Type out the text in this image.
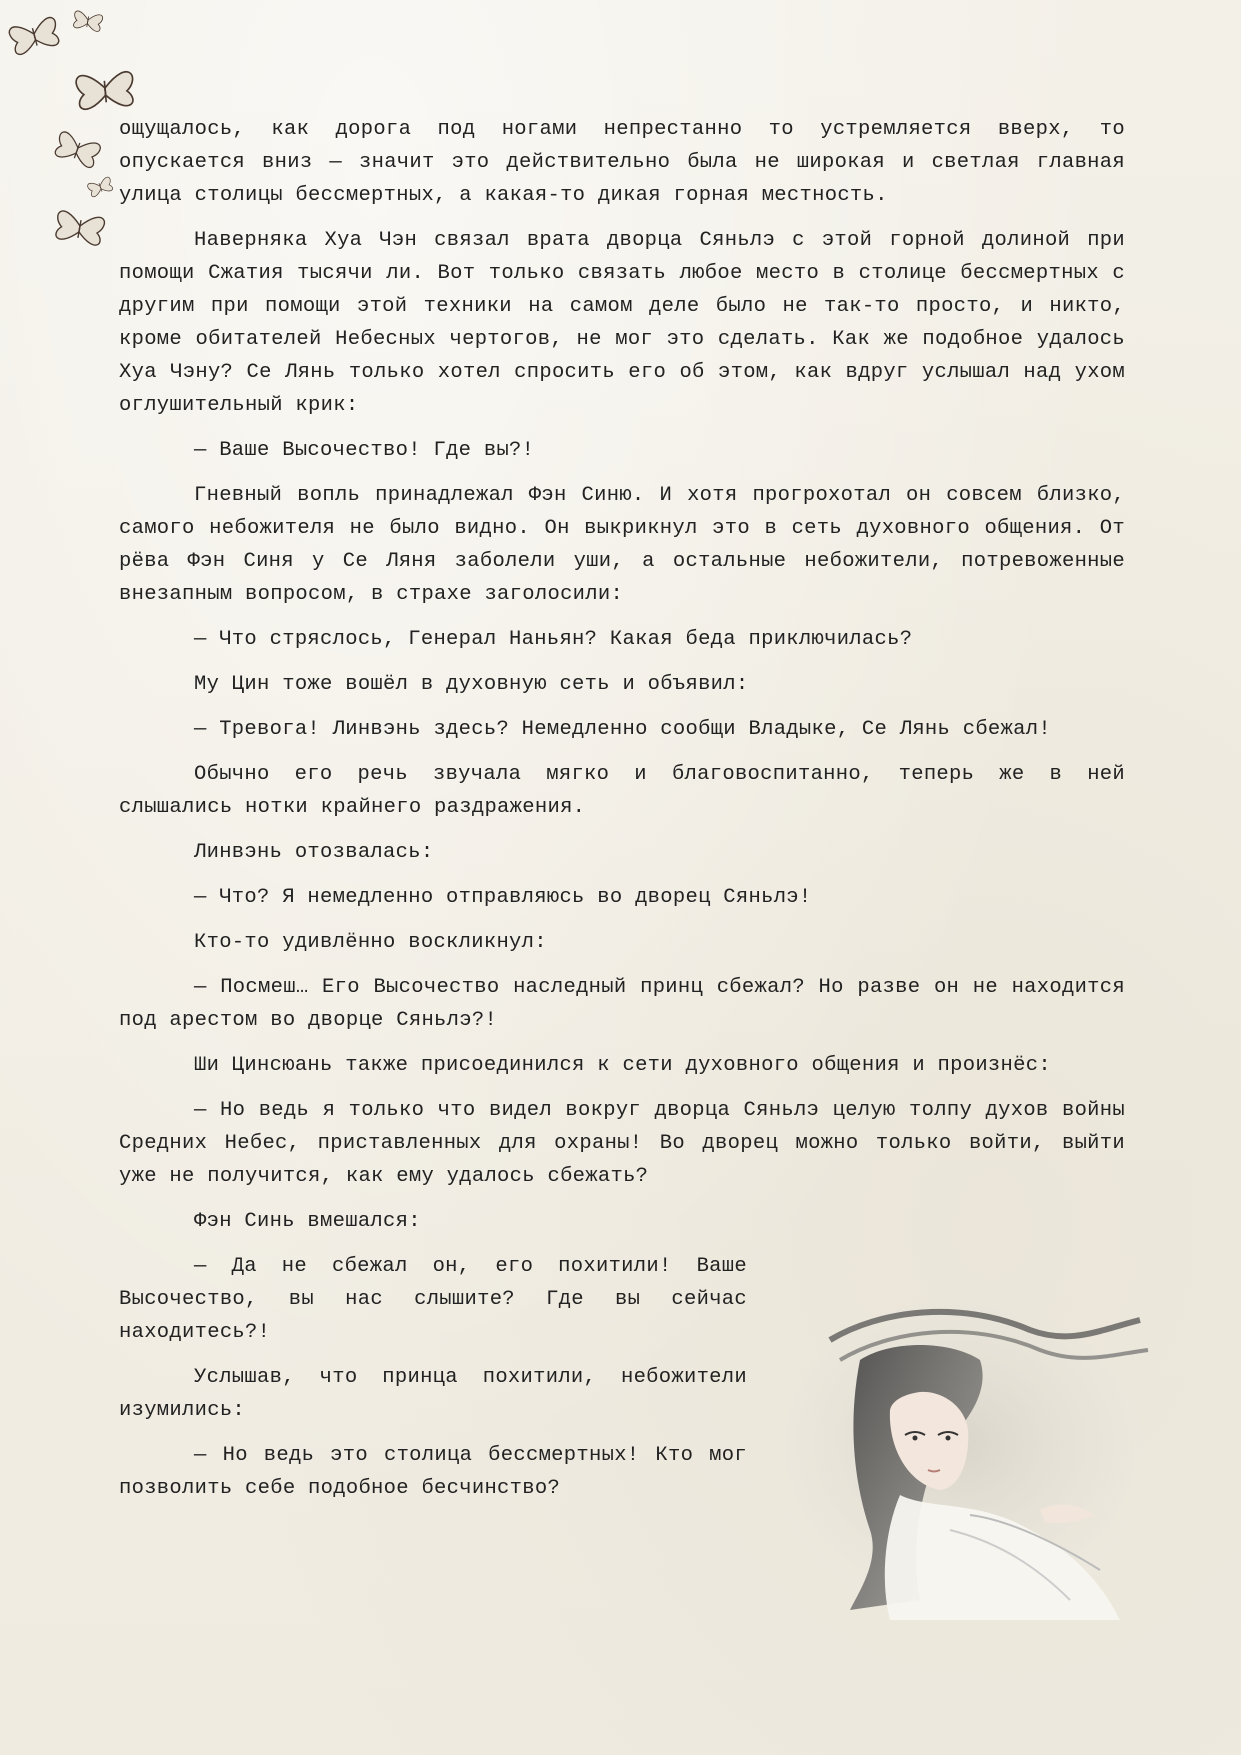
ощущалось, как дорога под ногами непрестанно то устремляется вверх, то опускается вниз — значит это действительно была не широкая и светлая главная улица столицы бессмертных, а какая-то дикая горная местность.

Наверняка Хуа Чэн связал врата дворца Сяньлэ с этой горной долиной при помощи Сжатия тысячи ли. Вот только связать любое место в столице бессмертных с другим при помощи этой техники на самом деле было не так-то просто, и никто, кроме обитателей Небесных чертогов, не мог это сделать. Как же подобное удалось Хуа Чэну? Се Лянь только хотел спросить его об этом, как вдруг услышал над ухом оглушительный крик:

— Ваше Высочество! Где вы?!

Гневный вопль принадлежал Фэн Синю. И хотя прогрохотал он совсем близко, самого небожителя не было видно. Он выкрикнул это в сеть духовного общения. От рёва Фэн Синя у Се Ляня заболели уши, а остальные небожители, потревоженные внезапным вопросом, в страхе заголосили:

— Что стряслось, Генерал Наньян? Какая беда приключилась?

Му Цин тоже вошёл в духовную сеть и объявил:

— Тревога! Линвэнь здесь? Немедленно сообщи Владыке, Се Лянь сбежал!

Обычно его речь звучала мягко и благовоспитанно, теперь же в ней слышались нотки крайнего раздражения.

Линвэнь отозвалась:

— Что? Я немедленно отправляюсь во дворец Сяньлэ!

Кто-то удивлённо воскликнул:

— Посмеш… Его Высочество наследный принц сбежал? Но разве он не находится под арестом во дворце Сяньлэ?!

Ши Цинсюань также присоединился к сети духовного общения и произнёс:

— Но ведь я только что видел вокруг дворца Сяньлэ целую толпу духов войны Средних Небес, приставленных для охраны! Во дворец можно только войти, выйти уже не получится, как ему удалось сбежать?

Фэн Синь вмешался:

— Да не сбежал он, его похитили! Ваше Высочество, вы нас слышите? Где вы сейчас находитесь?!

Услышав, что принца похитили, небожители изумились:

— Но ведь это столица бессмертных! Кто мог позволить себе подобное бесчинство?
